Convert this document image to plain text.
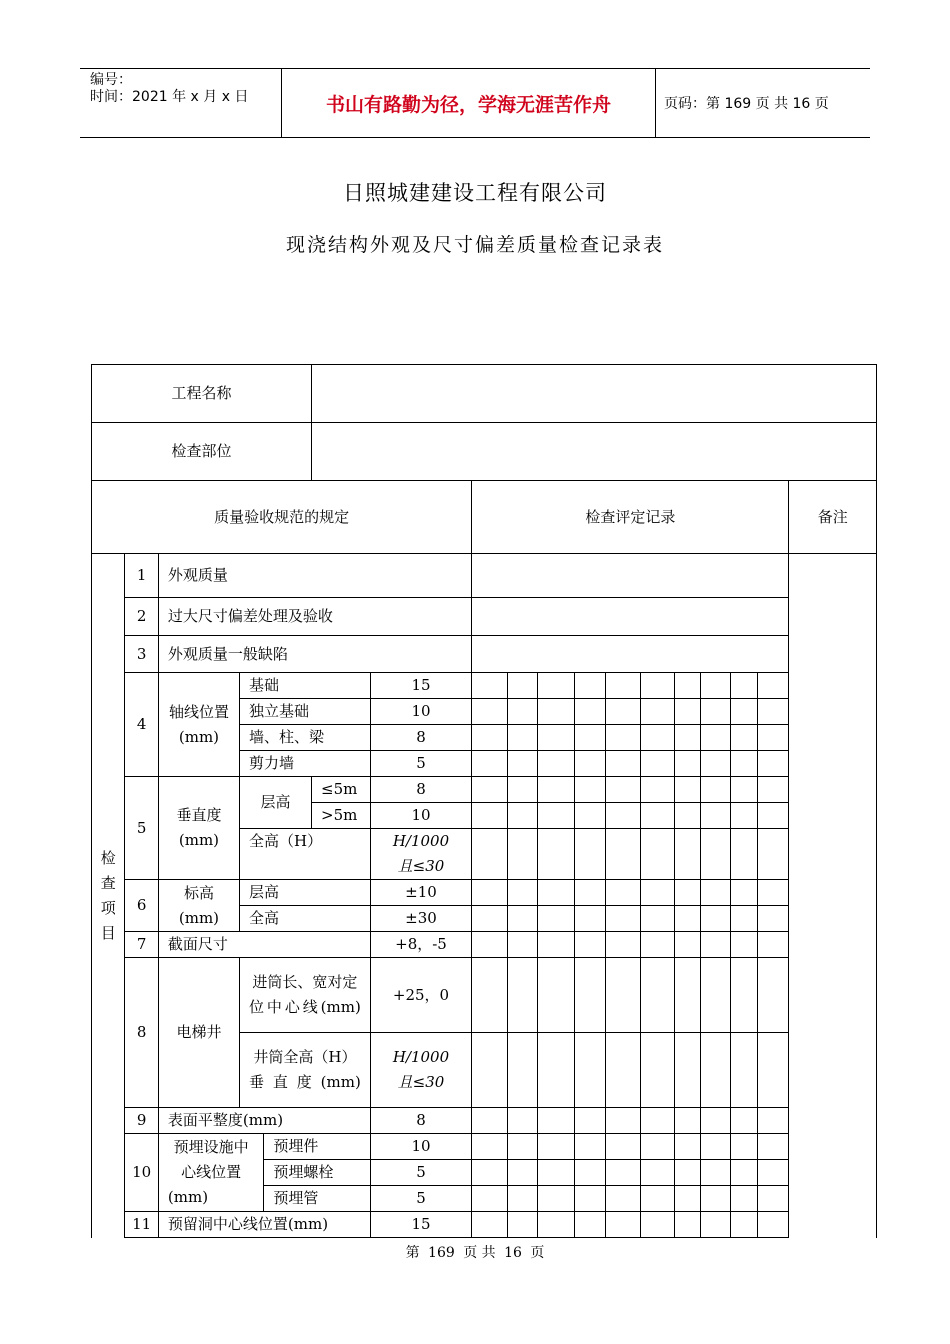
编号：
时间：2021 年 x 月 x 日	书山有路勤为径，学海无涯苦作舟	页码：第 169 页 共 16 页
日照城建建设工程有限公司
现浇结构外观及尺寸偏差质量检查记录表
工程名称																	
检查部位																	
质量验收规范的规定							检查评定记录										备注
检
查
项
目	1	外观质量															
	2	过大尺寸偏差处理及验收															
	3	外观质量一般缺陷															
	4	轴线位置(mm)	基础			15											
			独立基础			10											
			墙、柱、梁			8											
			剪力墙			5											
	5	垂直度(mm)	层高		≤5m	8											
					>5m	10											
			全高（H）			H/1000 且≤30											

	6	标高(mm)	层高			±10											
			全高			±30											
	7	截面尺寸				+8，-5											
	8	电梯井	进筒长、宽对定位中心线(mm)			+25，0											
			井筒全高（H）垂直度(mm)			H/1000 且≤30											
	9	表面平整度(mm)				8											
	10	预埋设施中心线位置(mm)		预埋件		10											
				预埋螺栓		5											
				预埋管		5											
	11	预留洞中心线位置(mm)				15											
第 169 页 共 16 页
